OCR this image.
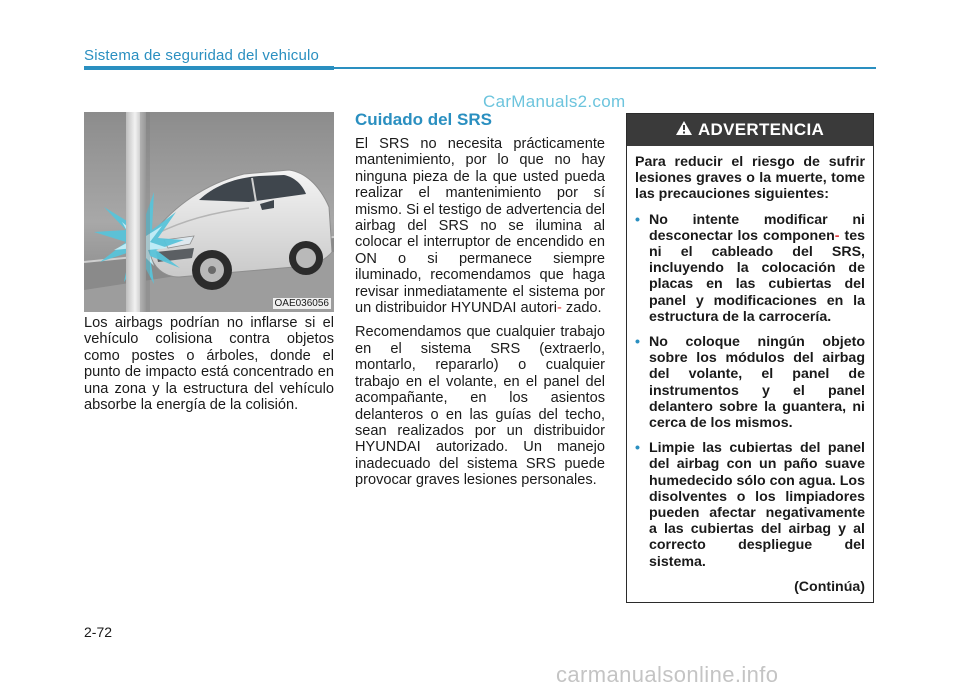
Sistema de seguridad del vehiculo
CarManuals2.com
OAE036056

Los airbags podrían no inflarse si el vehículo colisiona contra objetos como postes o árboles, donde el punto de impacto está concentrado en una zona y la estructura del vehículo absorbe la energía de la colisión.

Cuidado del SRS

El SRS no necesita prácticamente mantenimiento, por lo que no hay ninguna pieza de la que usted pueda realizar el mantenimiento por sí mismo. Si el testigo de advertencia del airbag del SRS no se ilumina al colocar el interruptor de encendido en ON o si permanece siempre iluminado, recomendamos que haga revisar inmediatamente el sistema por un distribuidor HYUNDAI autori- zado.

Recomendamos que cualquier trabajo en el sistema SRS (extraerlo, montarlo, repararlo) o cualquier trabajo en el volante, en el panel del acompañante, en los asientos delanteros o en las guías del techo, sean realizados por un distribuidor HYUNDAI autorizado. Un manejo inadecuado del sistema SRS puede provocar graves lesiones personales.

ADVERTENCIA

Para reducir el riesgo de sufrir lesiones graves o la muerte, tome las precauciones siguientes:

• No intente modificar ni desconectar los componen- tes ni el cableado del SRS, incluyendo la colocación de placas en las cubiertas del panel y modificaciones en la estructura de la carrocería.
• No coloque ningún objeto sobre los módulos del airbag del volante, el panel de instrumentos y el panel delantero sobre la guantera, ni cerca de los mismos.
• Limpie las cubiertas del panel del airbag con un paño suave humedecido sólo con agua. Los disolventes o los limpiadores pueden afectar negativamente a las cubiertas del airbag y al correcto despliegue del sistema.
(Continúa)
2-72
carmanualsonline.info
